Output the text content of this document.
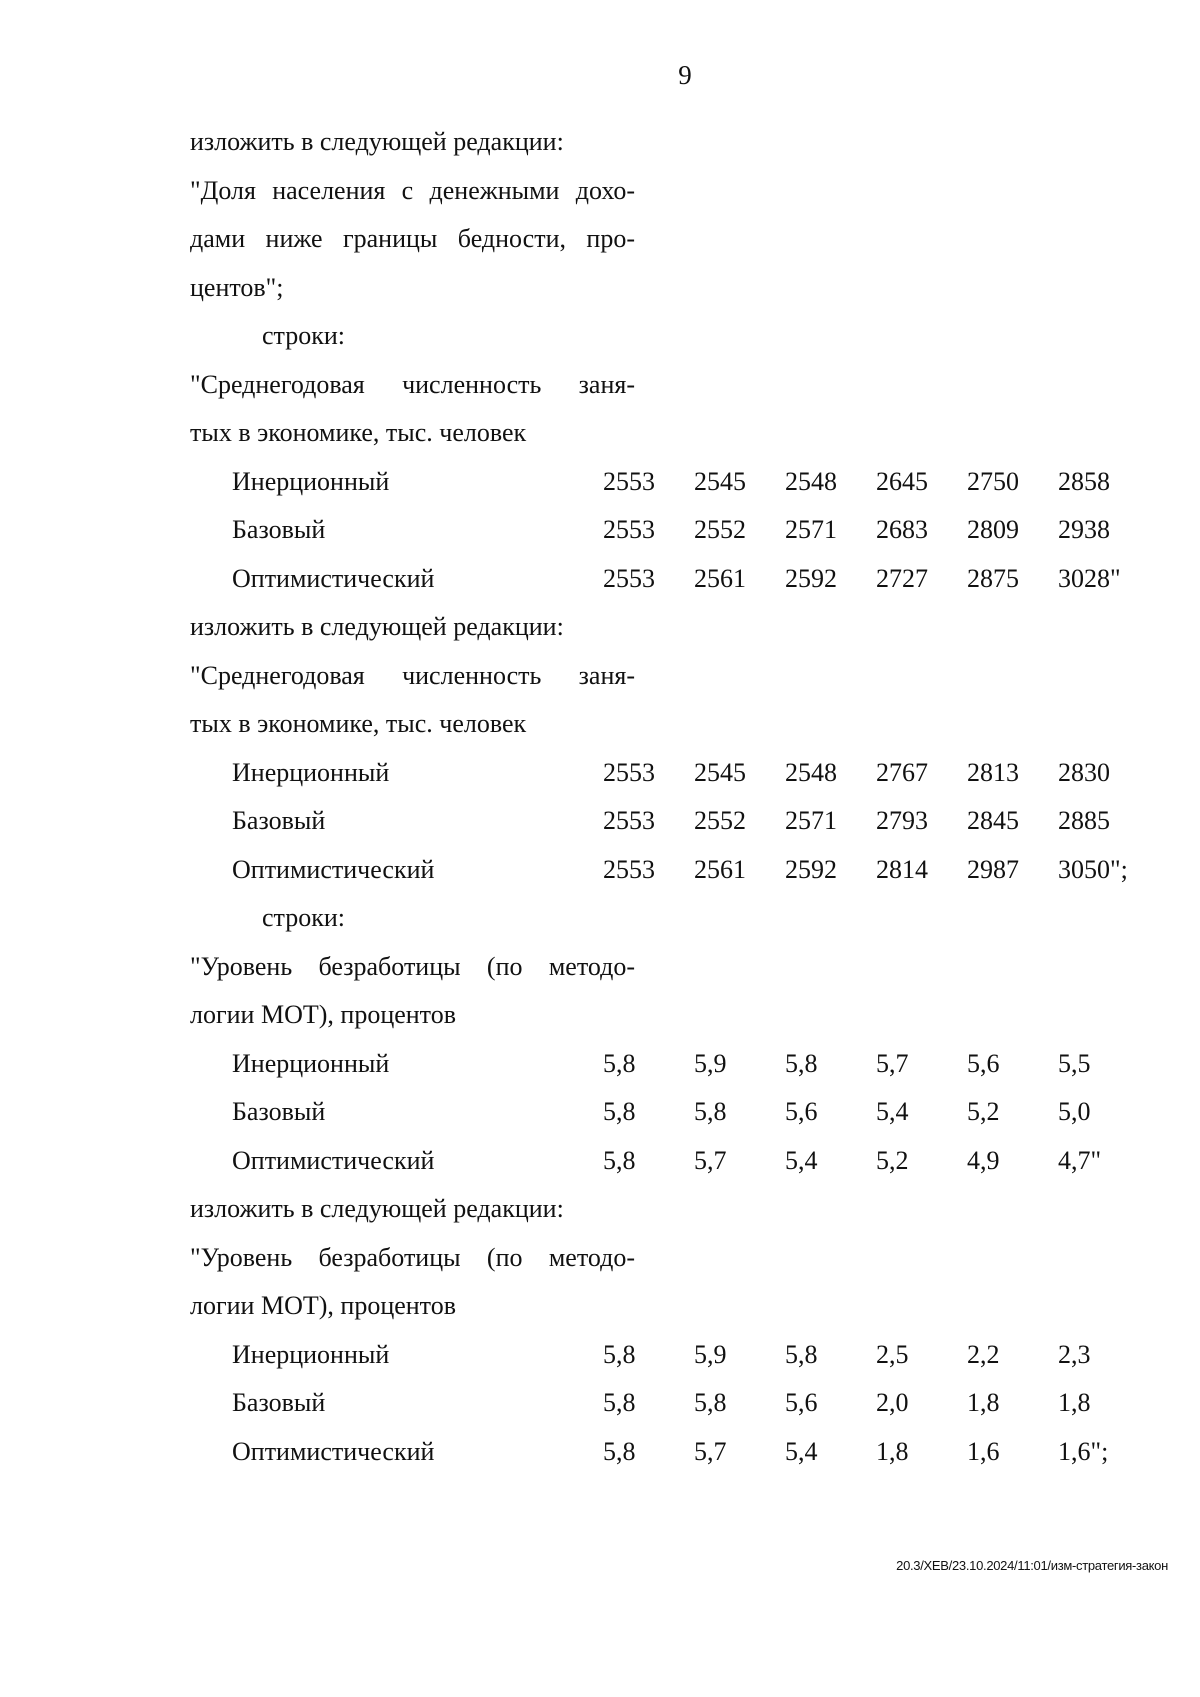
9
изложить в следующей редакции:
"Доля населения с денежными дохо-
дами ниже границы бедности, про-
центов";
строки:
"Среднегодовая численность заня-
тых в экономике, тыс. человек
Инерционный	2553	2545	2548	2645	2750	2858
Базовый	2553	2552	2571	2683	2809	2938
Оптимистический	2553	2561	2592	2727	2875	3028"
изложить в следующей редакции:
"Среднегодовая численность заня-
тых в экономике, тыс. человек
Инерционный	2553	2545	2548	2767	2813	2830
Базовый	2553	2552	2571	2793	2845	2885
Оптимистический	2553	2561	2592	2814	2987	3050";
строки:
"Уровень безработицы (по методо-
логии МОТ), процентов
Инерционный	5,8	5,9	5,8	5,7	5,6	5,5
Базовый	5,8	5,8	5,6	5,4	5,2	5,0
Оптимистический	5,8	5,7	5,4	5,2	4,9	4,7"
изложить в следующей редакции:
"Уровень безработицы (по методо-
логии МОТ), процентов
Инерционный	5,8	5,9	5,8	2,5	2,2	2,3
Базовый	5,8	5,8	5,6	2,0	1,8	1,8
Оптимистический	5,8	5,7	5,4	1,8	1,6	1,6";
20.3/ХЕВ/23.10.2024/11:01/изм-стратегия-закон
